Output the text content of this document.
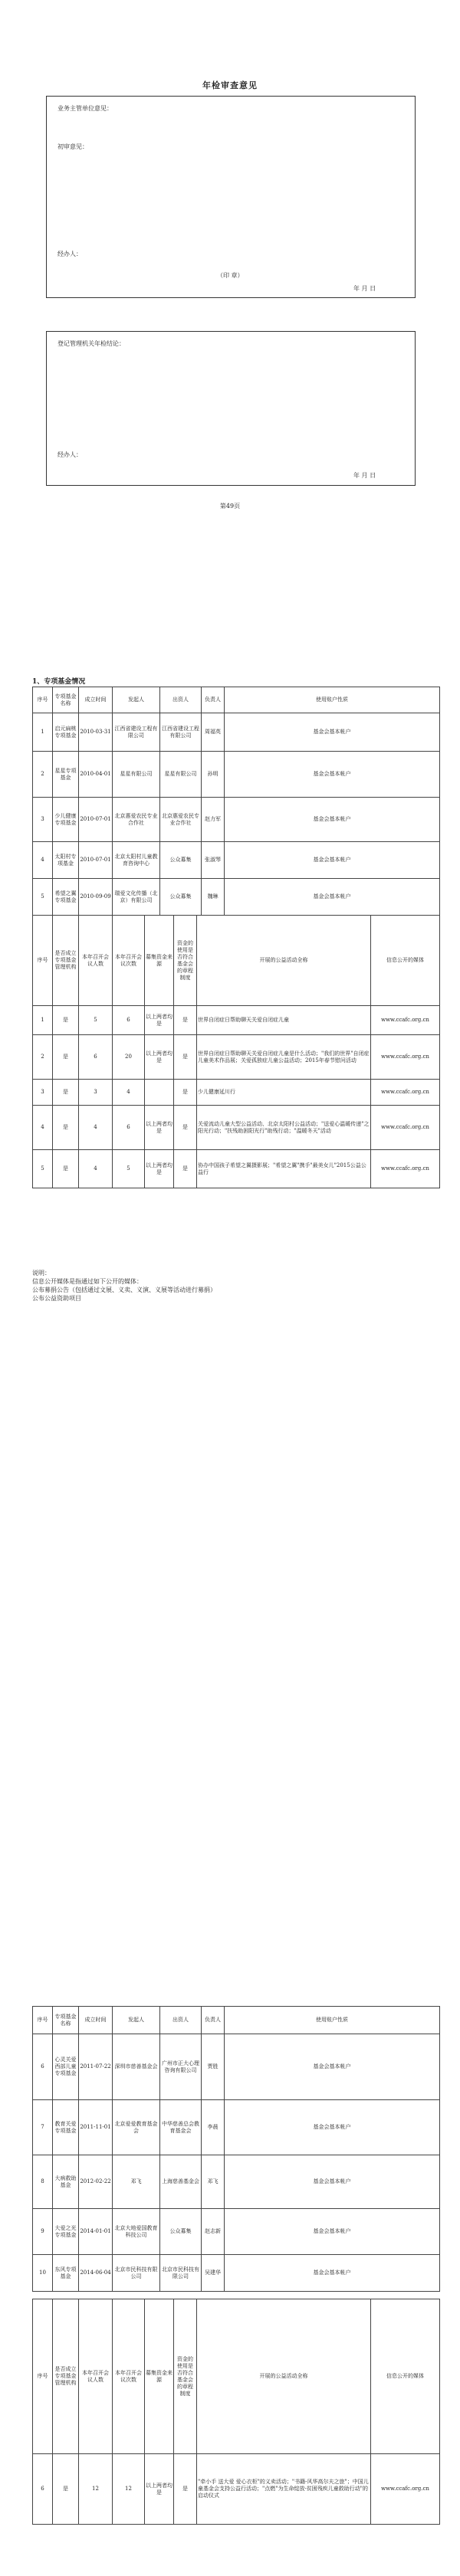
年检审查意见
业务主管单位意见：
初审意见：
经办人：
（印 章）
年 月 日
登记管理机关年检结论：
经办人：
年 月 日
第49页
1、专项基金情况
序号	专项基金名称	成立时间	发起人	出资人	负责人	使用账户性质
1	启元扁桃专项基金	2010-03-31	江西省建设工程有限公司	江西省建设工程有限公司	周福英	基金会基本帐户
2	星星专项基金	2010-04-01	星星有限公司	星星有限公司	孙明	基金会基本帐户
3	少儿健康专项基金	2010-07-01	北京惠爱农民专业合作社	北京惠爱农民专业合作社	赵力军	基金会基本帐户
4	太阳村专项基金	2010-07-01	北京太阳村儿童教育咨询中心	公众募集	张淑琴	基金会基本帐户
5	希望之翼专项基金	2010-09-09	瑞爱文化传播（北京）有限公司	公众募集	魏琳	基金会基本帐户
序号	是否成立专项基金管理机构	本年召开会议人数	本年召开会议次数	募集资金来源	资金的使用是否符合基金会的章程制度	开展的公益活动全称	信息公开的媒体
1	是	5	6	以上两者均是	是	世界自闭症日帮助聊天关爱自闭症儿童	www.ccafc.org.cn
2	是	6	20	以上两者均是	是	世界自闭症日帮助聊天关爱自闭症儿童是什么活动；"我们的世界"自闭症儿童美术作品展；关爱孤独症儿童公益活动；2015年春节慰问活动	www.ccafc.org.cn
3	是	3	4		是	少儿健康延川行	www.ccafc.org.cn
4	是	4	6	以上两者均是	是	关爱流动儿童大型公益活动、北京太阳村公益活动；"送爱心温暖传递"之阳光行动；"扶残助困阳光行"助残行动；"温暖冬天"活动	www.ccafc.org.cn
5	是	4	5	以上两者均是	是	协办中国孩子希望之翼摄影展；"希望之翼"携手"最美女儿"2015公益公益行	www.ccafc.org.cn
说明：
信息公开媒体是指通过如下公开的媒体：
公布募捐公告（包括通过文展、义卖、义演、义展等活动进行募捐）
公布公益资助项目
序号	专项基金名称	成立时间	发起人	出资人	负责人	使用账户性质
6	心灵关爱西部儿童专项基金	2011-07-22	深圳市慈善基金会	广州市正大心理咨询有限公司	贾胜	基金会基本帐户
7	教育关爱专项基金	2011-11-01	北京爱爱教育基金会	中华慈善总会教育基金会	李晨	基金会基本帐户
8	大病救助基金	2012-02-22	邓飞	上海慈善基金会	邓飞	基金会基本帐户
9	大爱之光专项基金	2014-01-01	北京大地爱国教育科技公司	公众募集	赵志新	基金会基本帐户
10	东风专项基金	2014-06-04	北京市民科技有限公司	北京市民科技有限公司	吴建华	基金会基本帐户
序号	是否成立专项基金管理机构	本年召开会议人数	本年召开会议次数	募集资金来源	资金的使用是否符合基金会的章程制度	开展的公益活动全称	信息公开的媒体
6	是	12	12	以上两者均是	是	"牵小手 送大爱 爱心衣柜"的义卖活动；"书籍-风华高尔夫之旅"；中国儿童基金会支持公益行活动；"点燃"为生命绽放-贫困残疾儿童救助行动"的启动仪式	www.ccafc.org.cn
